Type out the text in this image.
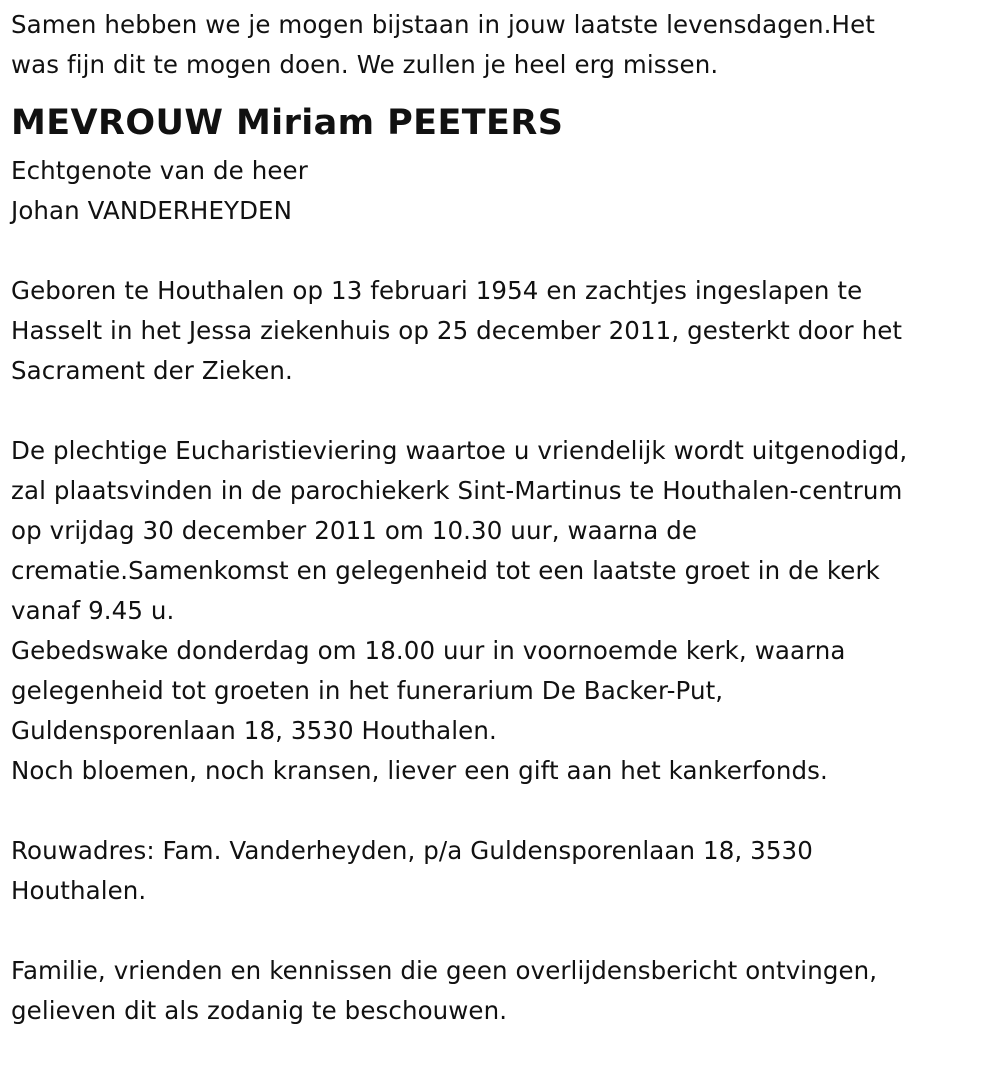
Samen hebben we je mogen bijstaan in jouw laatste levensdagen.Het
was fijn dit te mogen doen. We zullen je heel erg missen.
MEVROUW Miriam PEETERS
Echtgenote van de heer
Johan VANDERHEYDEN
Geboren te Houthalen op 13 februari 1954 en zachtjes ingeslapen te
Hasselt in het Jessa ziekenhuis op 25 december 2011, gesterkt door het
Sacrament der Zieken.
De plechtige Eucharistieviering waartoe u vriendelijk wordt uitgenodigd,
zal plaatsvinden in de parochiekerk Sint-Martinus te Houthalen-centrum
op vrijdag 30 december 2011 om 10.30 uur, waarna de
crematie.Samenkomst en gelegenheid tot een laatste groet in de kerk
vanaf 9.45 u.
Gebedswake donderdag om 18.00 uur in voornoemde kerk, waarna
gelegenheid tot groeten in het funerarium De Backer-Put,
Guldensporenlaan 18, 3530 Houthalen.
Noch bloemen, noch kransen, liever een gift aan het kankerfonds.
Rouwadres: Fam. Vanderheyden, p/a Guldensporenlaan 18, 3530
Houthalen.
Familie, vrienden en kennissen die geen overlijdensbericht ontvingen,
gelieven dit als zodanig te beschouwen.
